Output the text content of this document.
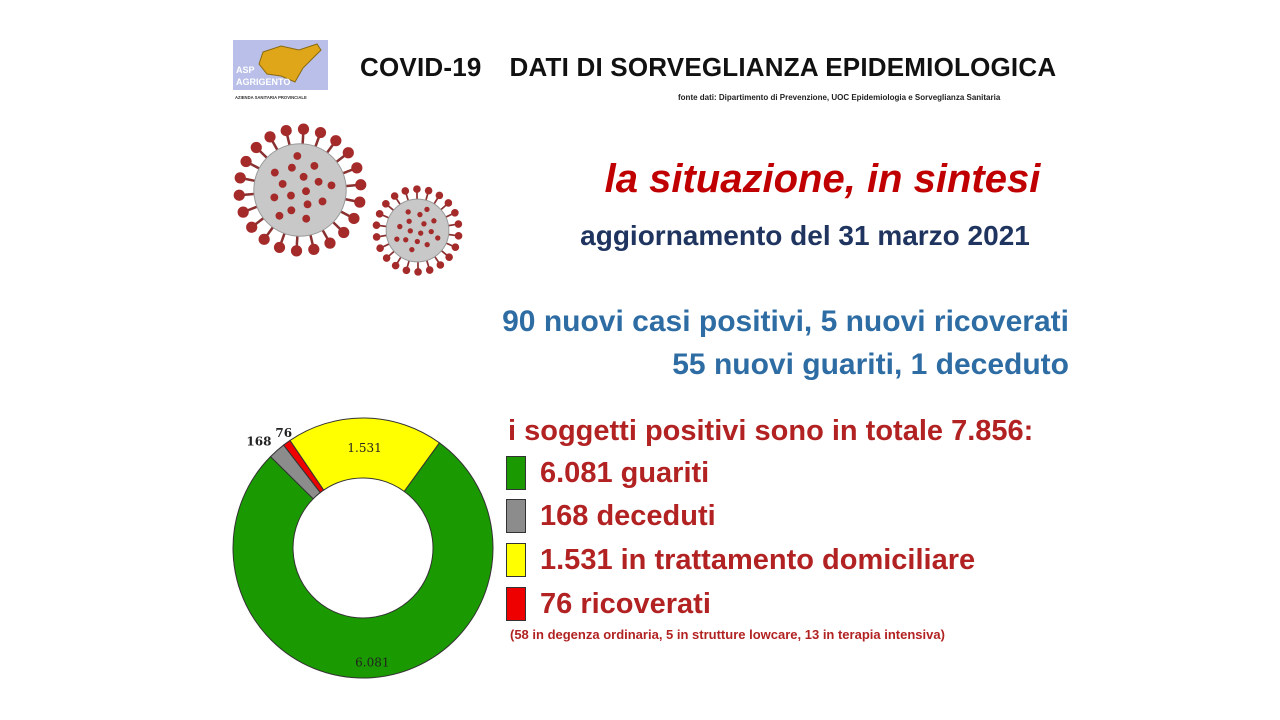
ASP
AGRIGENTO
AZIENDA SANITARIA PROVINCIALE
COVID-19 DATI DI SORVEGLIANZA EPIDEMIOLOGICA
fonte dati: Dipartimento di Prevenzione, UOC Epidemiologia e Sorveglianza Sanitaria
la situazione, in sintesi
aggiornamento del 31 marzo 2021
90 nuovi casi positivi, 5 nuovi ricoverati
55 nuovi guariti, 1 deceduto
i soggetti positivi sono in totale 7.856:
6.081 guariti
168 deceduti
1.531 in trattamento domiciliare
76 ricoverati
(58 in degenza ordinaria, 5 in strutture lowcare, 13 in terapia intensiva)
6.081
168
76
1.531
